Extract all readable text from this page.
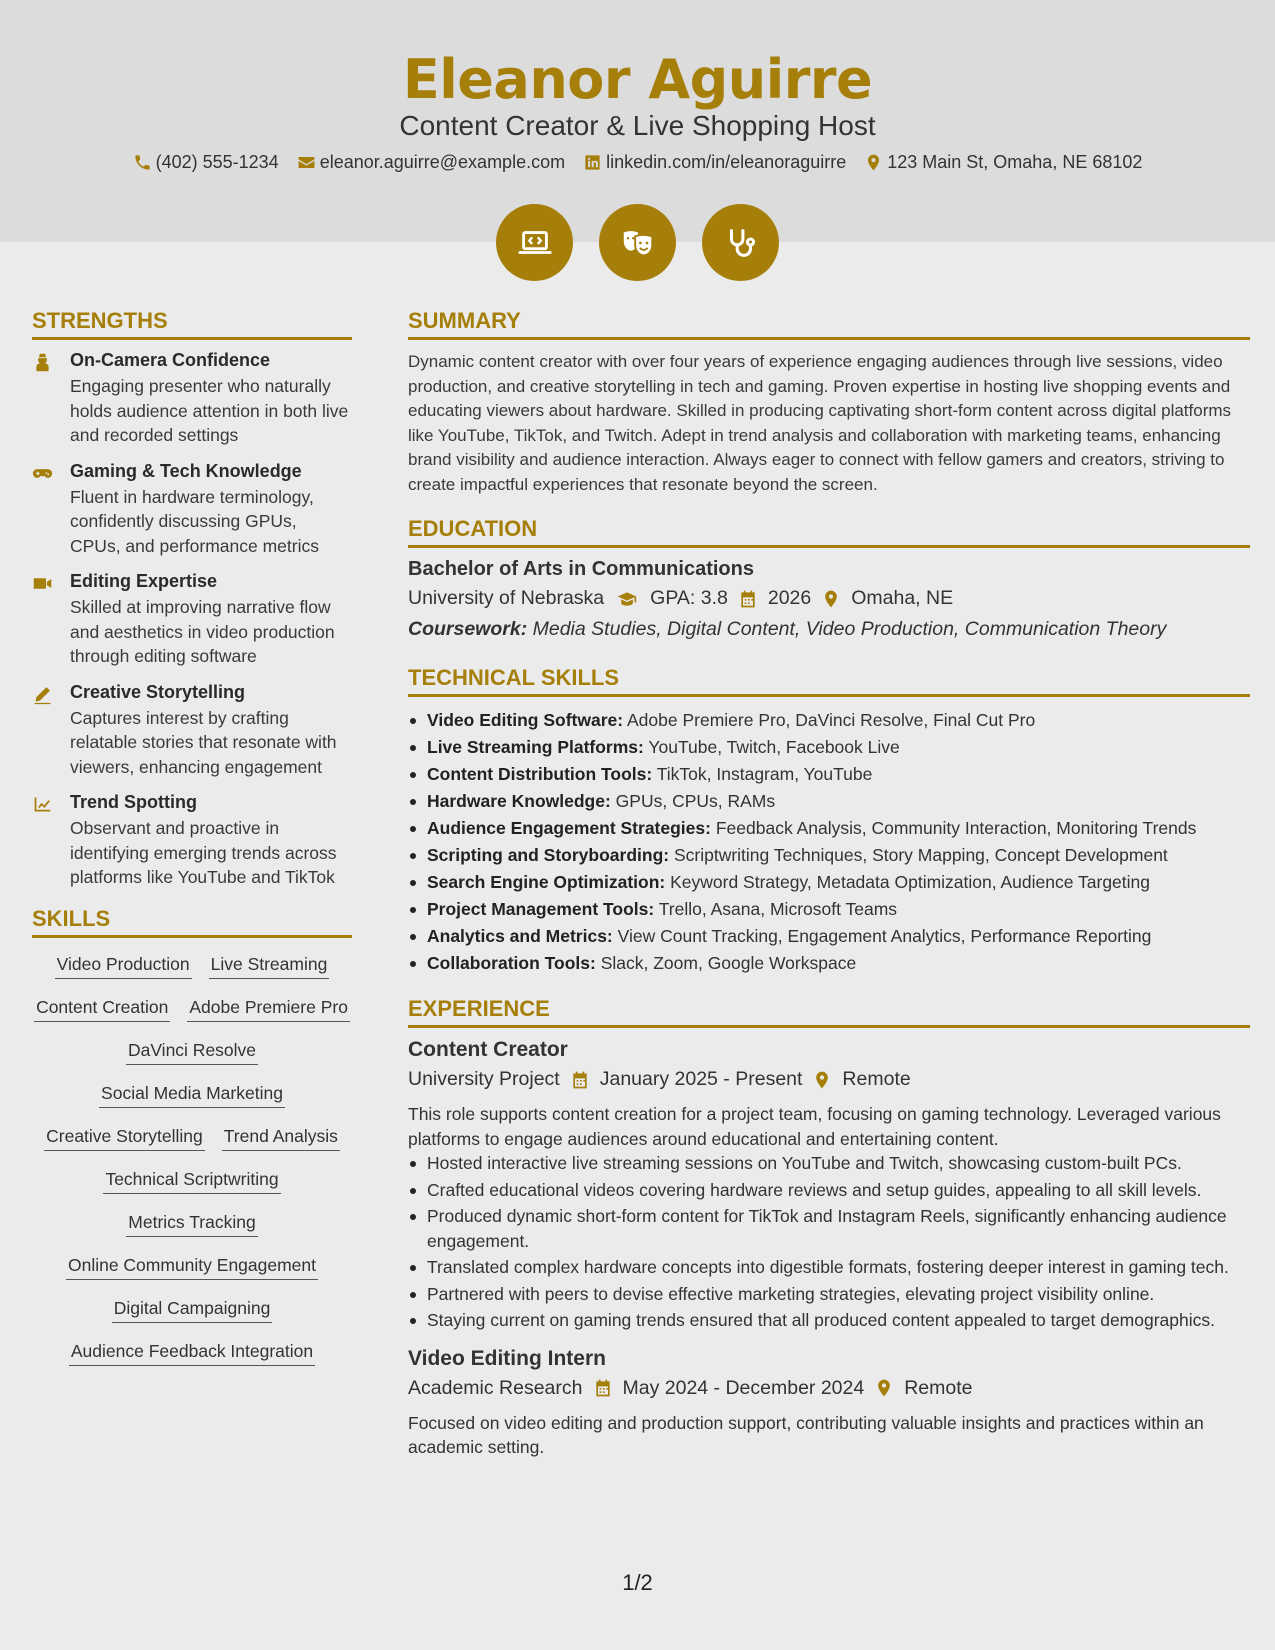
Eleanor Aguirre
Content Creator & Live Shopping Host
(402) 555-1234 eleanor.aguirre@example.com linkedin.com/in/eleanoraguirre 123 Main St, Omaha, NE 68102
STRENGTHS
On-Camera Confidence
Engaging presenter who naturally holds audience attention in both live and recorded settings
Gaming & Tech Knowledge
Fluent in hardware terminology, confidently discussing GPUs, CPUs, and performance metrics
Editing Expertise
Skilled at improving narrative flow and aesthetics in video production through editing software
Creative Storytelling
Captures interest by crafting relatable stories that resonate with viewers, enhancing engagement
Trend Spotting
Observant and proactive in identifying emerging trends across platforms like YouTube and TikTok
SKILLS
Video Production Live Streaming
Content Creation Adobe Premiere Pro
DaVinci Resolve
Social Media Marketing
Creative Storytelling Trend Analysis
Technical Scriptwriting
Metrics Tracking
Online Community Engagement
Digital Campaigning
Audience Feedback Integration
SUMMARY
Dynamic content creator with over four years of experience engaging audiences through live sessions, video production, and creative storytelling in tech and gaming. Proven expertise in hosting live shopping events and educating viewers about hardware. Skilled in producing captivating short-form content across digital platforms like YouTube, TikTok, and Twitch. Adept in trend analysis and collaboration with marketing teams, enhancing brand visibility and audience interaction. Always eager to connect with fellow gamers and creators, striving to create impactful experiences that resonate beyond the screen.
EDUCATION
Bachelor of Arts in Communications
University of Nebraska GPA: 3.8 2026 Omaha, NE
Coursework: Media Studies, Digital Content, Video Production, Communication Theory
TECHNICAL SKILLS
Video Editing Software: Adobe Premiere Pro, DaVinci Resolve, Final Cut Pro
Live Streaming Platforms: YouTube, Twitch, Facebook Live
Content Distribution Tools: TikTok, Instagram, YouTube
Hardware Knowledge: GPUs, CPUs, RAMs
Audience Engagement Strategies: Feedback Analysis, Community Interaction, Monitoring Trends
Scripting and Storyboarding: Scriptwriting Techniques, Story Mapping, Concept Development
Search Engine Optimization: Keyword Strategy, Metadata Optimization, Audience Targeting
Project Management Tools: Trello, Asana, Microsoft Teams
Analytics and Metrics: View Count Tracking, Engagement Analytics, Performance Reporting
Collaboration Tools: Slack, Zoom, Google Workspace
EXPERIENCE
Content Creator
University Project January 2025 - Present Remote
This role supports content creation for a project team, focusing on gaming technology. Leveraged various platforms to engage audiences around educational and entertaining content.
Hosted interactive live streaming sessions on YouTube and Twitch, showcasing custom-built PCs.
Crafted educational videos covering hardware reviews and setup guides, appealing to all skill levels.
Produced dynamic short-form content for TikTok and Instagram Reels, significantly enhancing audience engagement.
Translated complex hardware concepts into digestible formats, fostering deeper interest in gaming tech.
Partnered with peers to devise effective marketing strategies, elevating project visibility online.
Staying current on gaming trends ensured that all produced content appealed to target demographics.
Video Editing Intern
Academic Research May 2024 - December 2024 Remote
Focused on video editing and production support, contributing valuable insights and practices within an academic setting.
1/2
